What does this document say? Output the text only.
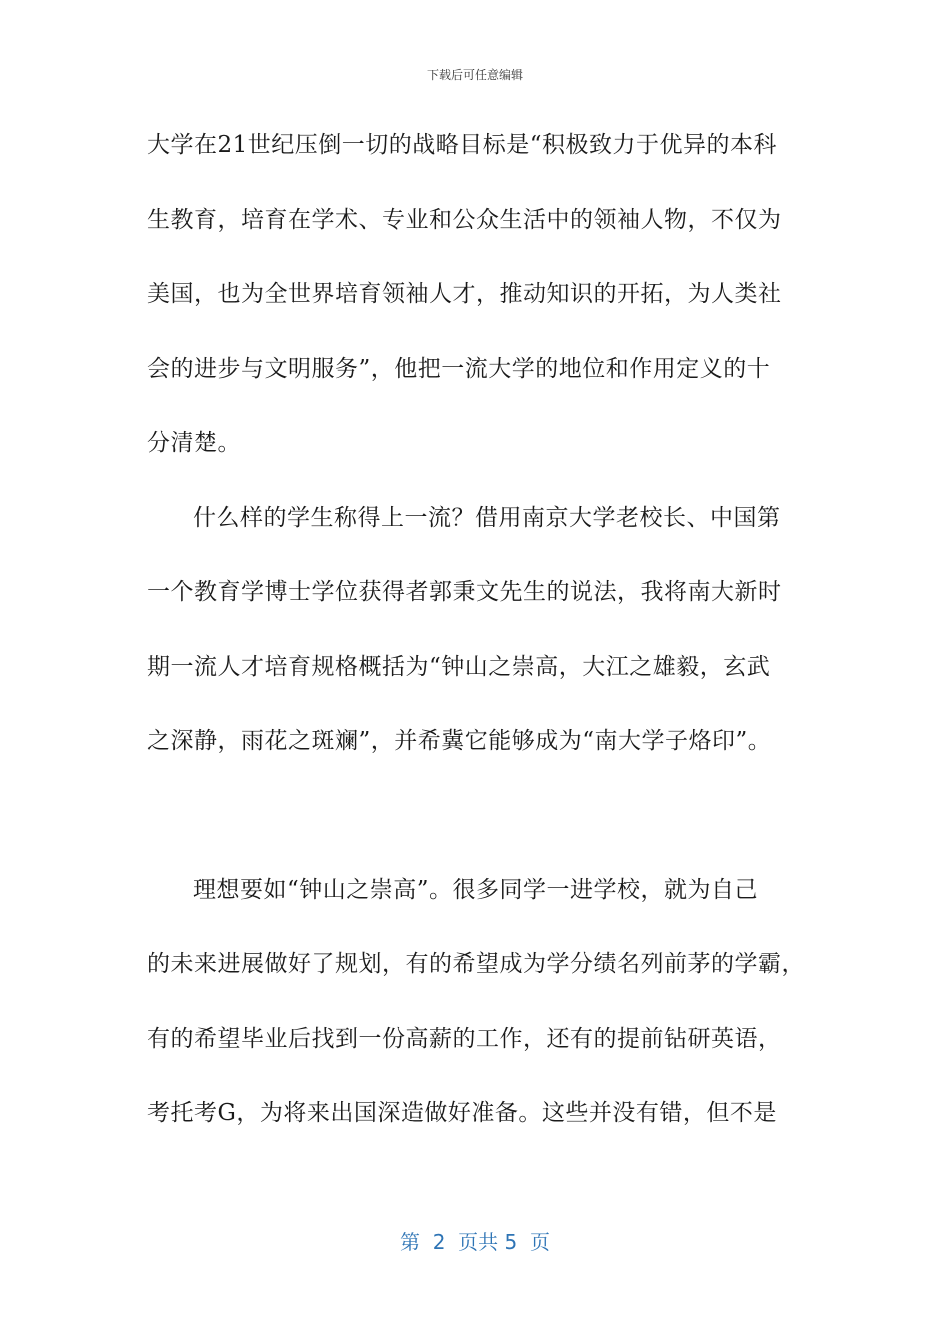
下载后可任意编辑
大学在21世纪压倒一切的战略目标是“积极致力于优异的本科
生教育，培育在学术、专业和公众生活中的领袖人物，不仅为
美国，也为全世界培育领袖人才，推动知识的开拓，为人类社
会的进步与文明服务”，他把一流大学的地位和作用定义的十
分清楚。
什么样的学生称得上一流？借用南京大学老校长、中国第
一个教育学博士学位获得者郭秉文先生的说法，我将南大新时
期一流人才培育规格概括为“钟山之崇高，大江之雄毅，玄武
之深静，雨花之斑斓”，并希冀它能够成为“南大学子烙印”。
理想要如“钟山之崇高”。很多同学一进学校，就为自己
的未来进展做好了规划，有的希望成为学分绩名列前茅的学霸，
有的希望毕业后找到一份高薪的工作，还有的提前钻研英语，
考托考G，为将来出国深造做好准备。这些并没有错，但不是
第  2  页共 5  页
